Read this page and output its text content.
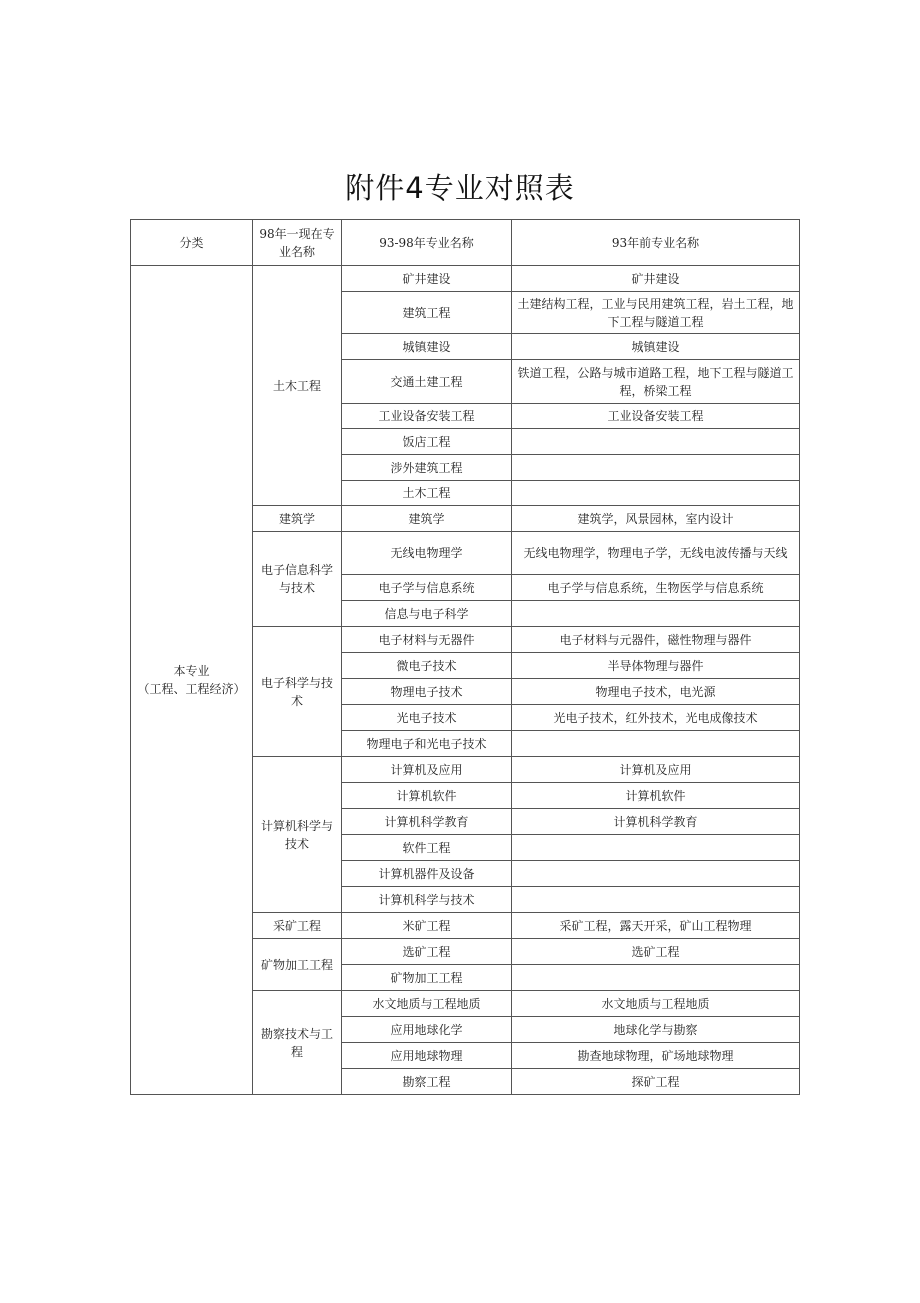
附件4专业对照表
分类	98年一现在专业名称	93-98年专业名称	93年前专业名称

本专业
（工程、工程经济）	土木工程	矿井建设	矿井建设
		建筑工程	土建结构工程，工业与民用建筑工程，岩土工程，地下工程与隧道工程
		城镇建设	城镇建设
		交通土建工程	铁道工程，公路与城市道路工程，地下工程与隧道工程，桥梁工程
		工业设备安装工程	工业设备安装工程
		饭店工程	
		涉外建筑工程	
		土木工程	
	建筑学	建筑学	建筑学，风景园林，室内设计
	电子信息科学与技术	无线电物理学	无线电物理学，物理电子学，无线电波传播与天线
		电子学与信息系统	电子学与信息系统，生物医学与信息系统
		信息与电子科学	
	电子科学与技术	电子材料与无器件	电子材料与元器件，磁性物理与器件
		微电子技术	半导体物理与器件
		物理电子技术	物理电子技术，电光源
		光电子技术	光电子技术，红外技术，光电成像技术
		物理电子和光电子技术	
	计算机科学与技术	计算机及应用	计算机及应用
		计算机软件	计算机软件
		计算机科学教育	计算机科学教育
		软件工程	
		计算机器件及设备	
		计算机科学与技术	
	采矿工程	米矿工程	采矿工程，露天开采，矿山工程物理
	矿物加工工程	选矿工程	选矿工程
		矿物加工工程	
	勘察技术与工程	水文地质与工程地质	水文地质与工程地质
		应用地球化学	地球化学与勘察
		应用地球物理	勘查地球物理，矿场地球物理
		勘察工程	探矿工程
